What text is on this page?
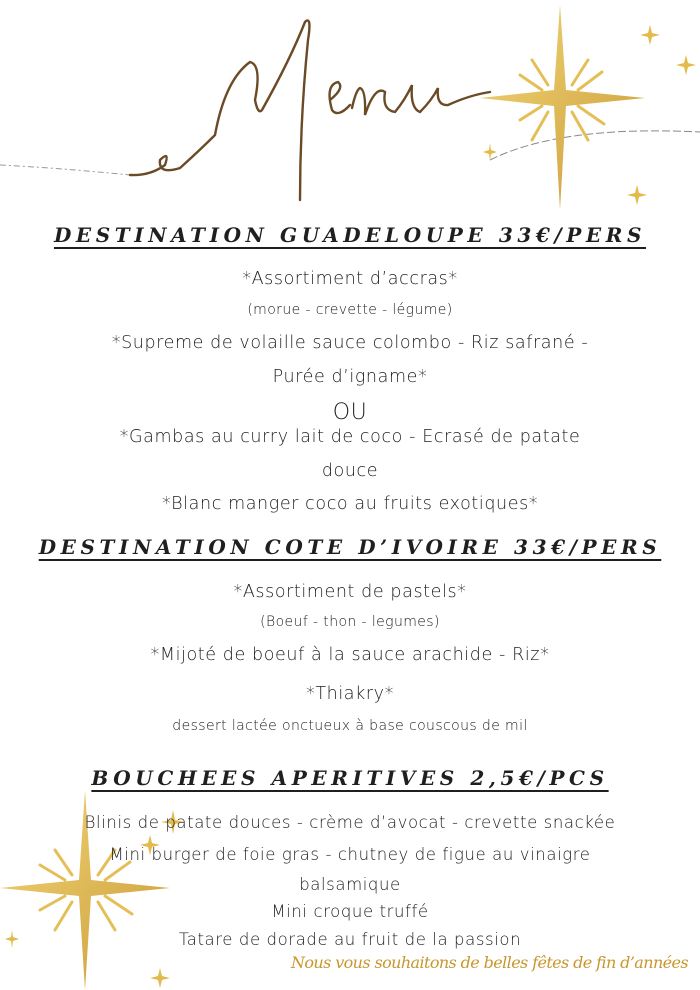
DESTINATION GUADELOUPE 33€/PERS
*Assortiment d’accras*
(morue - crevette - légume)
*Supreme de volaille sauce colombo - Riz safrané -
Purée d’igname*
OU
*Gambas au curry lait de coco - Ecrasé de patate
douce
*Blanc manger coco au fruits exotiques*
DESTINATION COTE D’IVOIRE 33€/PERS
*Assortiment de pastels*
(Boeuf - thon - legumes)
*Mijoté de boeuf à la sauce arachide - Riz*
*Thiakry*
dessert lactée onctueux à base couscous de mil
BOUCHEES APERITIVES 2,5€/PCS
Blinis de patate douces - crème d’avocat - crevette snackée
Mini burger de foie gras - chutney de figue au vinaigre
balsamique
Mini croque truffé
Tatare de dorade au fruit de la passion
Nous vous souhaitons de belles fêtes de fin d’années
